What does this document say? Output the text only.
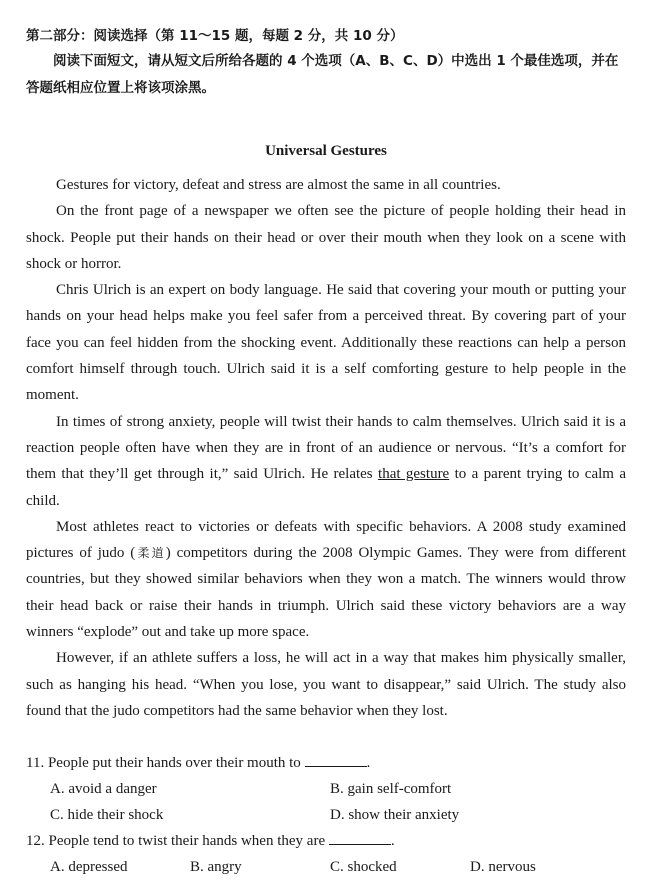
第二部分：阅读选择（第 11～15 题，每题 2 分，共 10 分）

阅读下面短文，请从短文后所给各题的 4 个选项（A、B、C、D）中选出 1 个最佳选项，并在答题纸相应位置上将该项涂黑。

Universal Gestures

Gestures for victory, defeat and stress are almost the same in all countries.

On the front page of a newspaper we often see the picture of people holding their head in shock. People put their hands on their head or over their mouth when they look on a scene with shock or horror.

Chris Ulrich is an expert on body language. He said that covering your mouth or putting your hands on your head helps make you feel safer from a perceived threat. By covering part of your face you can feel hidden from the shocking event. Additionally these reactions can help a person comfort himself through touch. Ulrich said it is a self comforting gesture to help people in the moment.

In times of strong anxiety, people will twist their hands to calm themselves. Ulrich said it is a reaction people often have when they are in front of an audience or nervous. “It’s a comfort for them that they’ll get through it,” said Ulrich. He relates that gesture to a parent trying to calm a child.

Most athletes react to victories or defeats with specific behaviors. A 2008 study examined pictures of judo (柔道) competitors during the 2008 Olympic Games. They were from different countries, but they showed similar behaviors when they won a match. The winners would throw their head back or raise their hands in triumph. Ulrich said these victory behaviors are a way winners “explode” out and take up more space.

However, if an athlete suffers a loss, he will act in a way that makes him physically smaller, such as hanging his head. “When you lose, you want to disappear,” said Ulrich. The study also found that the judo competitors had the same behavior when they lost.

11. People put their hands over their mouth to	.
A. avoid a danger	B. gain self-comfort
C. hide their shock	D. show their anxiety
12. People tend to twist their hands when they are	.
A. depressed	B. angry	C. shocked	D. nervous
